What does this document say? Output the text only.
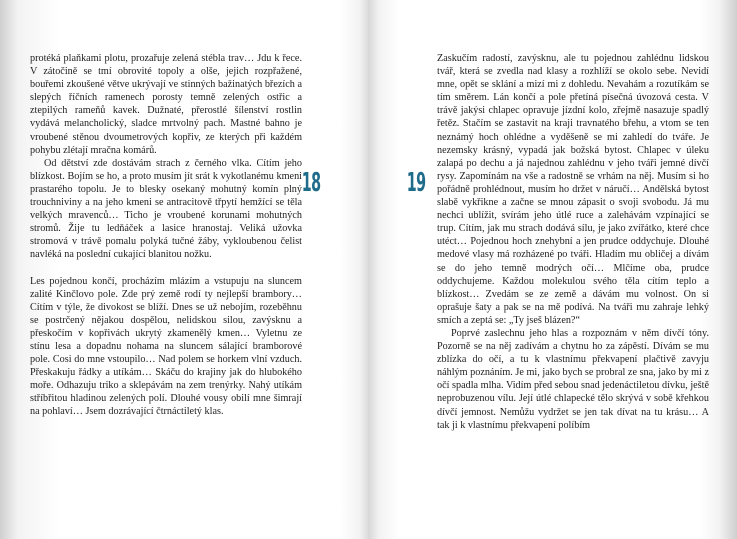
protéká plaňkami plotu, prozařuje zelená stébla trav… Jdu k řece. V zátočině se tmí obrovité topoly a olše, jejich rozpřažené, bouřemi zkoušené větve ukrývají ve stinných bažinatých březích a slepých říčních ramenech porosty temně zelených ostřic a ztepilých rameňů kavek. Dužnaté, přerostlé šílenství rostlin vydává melancholický, sladce mrtvolný pach. Mastné bahno je vroubené stěnou dvoumetrových kopřiv, ze kterých při každém pohybu zlétají mračna komárů.

Od dětství zde dostávám strach z černého vlka. Cítím jeho blízkost. Bojím se ho, a proto musím jít srát k vykotlanému kmeni prastarého topolu. Je to blesky osekaný mohutný komín plný trouchniviny a na jeho kmeni se antracitově třpytí hemžící se těla velkých mravenců… Ticho je vroubené korunami mohutných stromů. Žije tu ledňáček a lasice hranostaj. Veliká užovka stromová v trávě pomalu polyká tučné žáby, vykloubenou čelist navléká na poslední cukající blanitou nožku.

Les pojednou končí, procházím mlázím a vstupuju na sluncem zalité Kinčlovo pole. Zde prý země rodí ty nejlepší brambory… Cítím v týle, že divokost se blíží. Dnes se už nebojím, rozeběhnu se postrčený nějakou dospělou, nelidskou silou, zavýsknu a přeskočím v kopřivách ukrytý zkamenělý kmen… Vyletnu ze stínu lesa a dopadnu nohama na sluncem sálající bramborové pole. Cosi do mne vstoupilo… Nad polem se horkem vlní vzduch. Přeskakuju řádky a utíkám… Skáču do krajiny jak do hlubokého moře. Odhazuju triko a sklepávám na zem trenýrky. Nahý utíkám stříbřitou hladinou zelených polí. Dlouhé vousy obilí mne šimrají na pohlaví… Jsem dozrávající čtrnáctiletý klas.

18	19

Zaskučím radostí, zavýsknu, ale tu pojednou zahlédnu lidskou tvář, která se zvedla nad klasy a rozhlíží se okolo sebe. Nevidí mne, opět se sklání a mizí mi z dohledu. Nevahám a rozutíkám se tím směrem. Lán končí a pole přetíná písečná úvozová cesta. V trávě jakýsi chlapec opravuje jízdní kolo, zřejmě nasazuje spadlý řetěz. Stačím se zastavit na kraji travnatého břehu, a vtom se ten neznámý hoch ohlédne a vyděšeně se mi zahledí do tváře. Je nezemsky krásný, vypadá jak božská bytost. Chlapec v úleku zalapá po dechu a já najednou zahlédnu v jeho tváři jemné dívčí rysy. Zapomínám na vše a radostně se vrhám na něj. Musím si ho pořádně prohlédnout, musím ho držet v náručí… Andělská bytost slabě vykřikne a začne se mnou zápasit o svoji svobodu. Já mu nechci ublížit, svírám jeho útlé ruce a zalehávám vzpínající se trup. Cítím, jak mu strach dodává sílu, je jako zvířátko, které chce utéct… Pojednou hoch znehybní a jen prudce oddychuje. Dlouhé medové vlasy má rozházené po tváři. Hladím mu obličej a dívám se do jeho temně modrých očí… Mlčíme oba, prudce oddychujeme. Každou molekulou svého těla cítím teplo a blízkost… Zvedám se ze země a dávám mu volnost. On si oprašuje šaty a pak se na mě podívá. Na tváři mu zahraje lehký smích a zeptá se: „Ty jseš blázen?“

Poprvé zaslechnu jeho hlas a rozpoznám v něm dívčí tóny. Pozorně se na něj zadívám a chytnu ho za zápěstí. Dívám se mu zblízka do očí, a tu k vlastnímu překvapení plačtivě zavyju náhlým poznáním. Je mi, jako bych se probral ze sna, jako by mi z očí spadla mlha. Vidím před sebou snad jedenáctiletou dívku, ještě neprobuzenou vílu. Její útlé chlapecké tělo skrývá v sobě křehkou dívčí jemnost. Nemůžu vydržet se jen tak dívat na tu krásu… A tak ji k vlastnímu překvapení políbím
